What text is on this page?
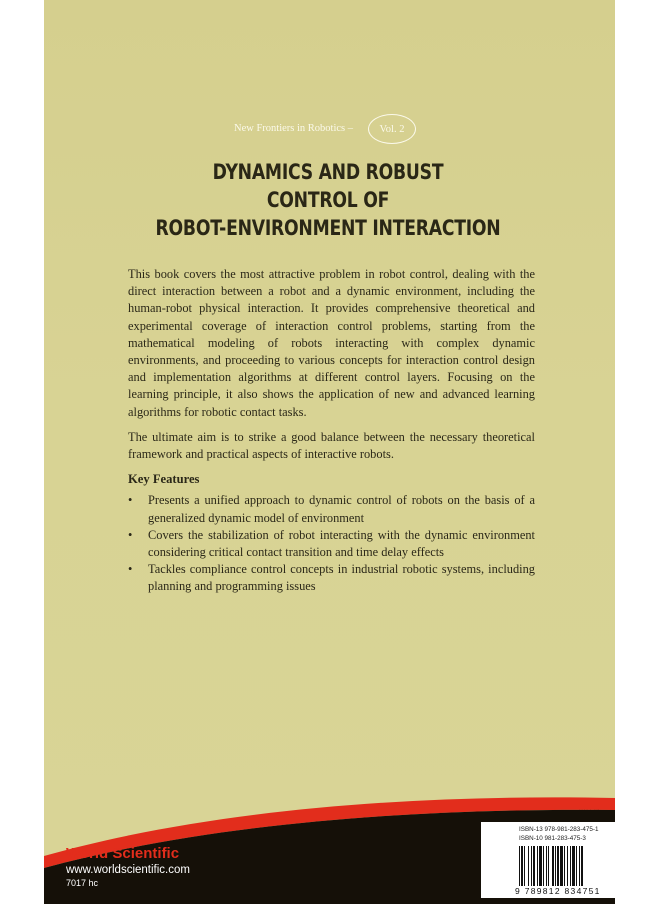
New Frontiers in Robotics –	Vol. 2
DYNAMICS AND ROBUST
CONTROL OF
ROBOT-ENVIRONMENT INTERACTION

This book covers the most attractive problem in robot control, dealing with the direct interaction between a robot and a dynamic environment, including the human-robot physical interaction. It provides comprehensive theoretical and experimental coverage of interaction control problems, starting from the mathematical modeling of robots interacting with complex dynamic environments, and proceeding to various concepts for interaction control design and implementation algorithms at different control layers. Focusing on the learning principle, it also shows the application of new and advanced learning algorithms for robotic contact tasks.

The ultimate aim is to strike a good balance between the necessary theoretical framework and practical aspects of interactive robots.

Key Features
• Presents a unified approach to dynamic control of robots on the basis of a generalized dynamic model of environment
• Covers the stabilization of robot interacting with the dynamic environment considering critical contact transition and time delay effects
• Tackles compliance control concepts in industrial robotic systems, including planning and programming issues
World Scientific
www.worldscientific.com
7017 hc
ISBN-13 978-981-283-475-1
ISBN-10 981-283-475-3
9 789812 834751
